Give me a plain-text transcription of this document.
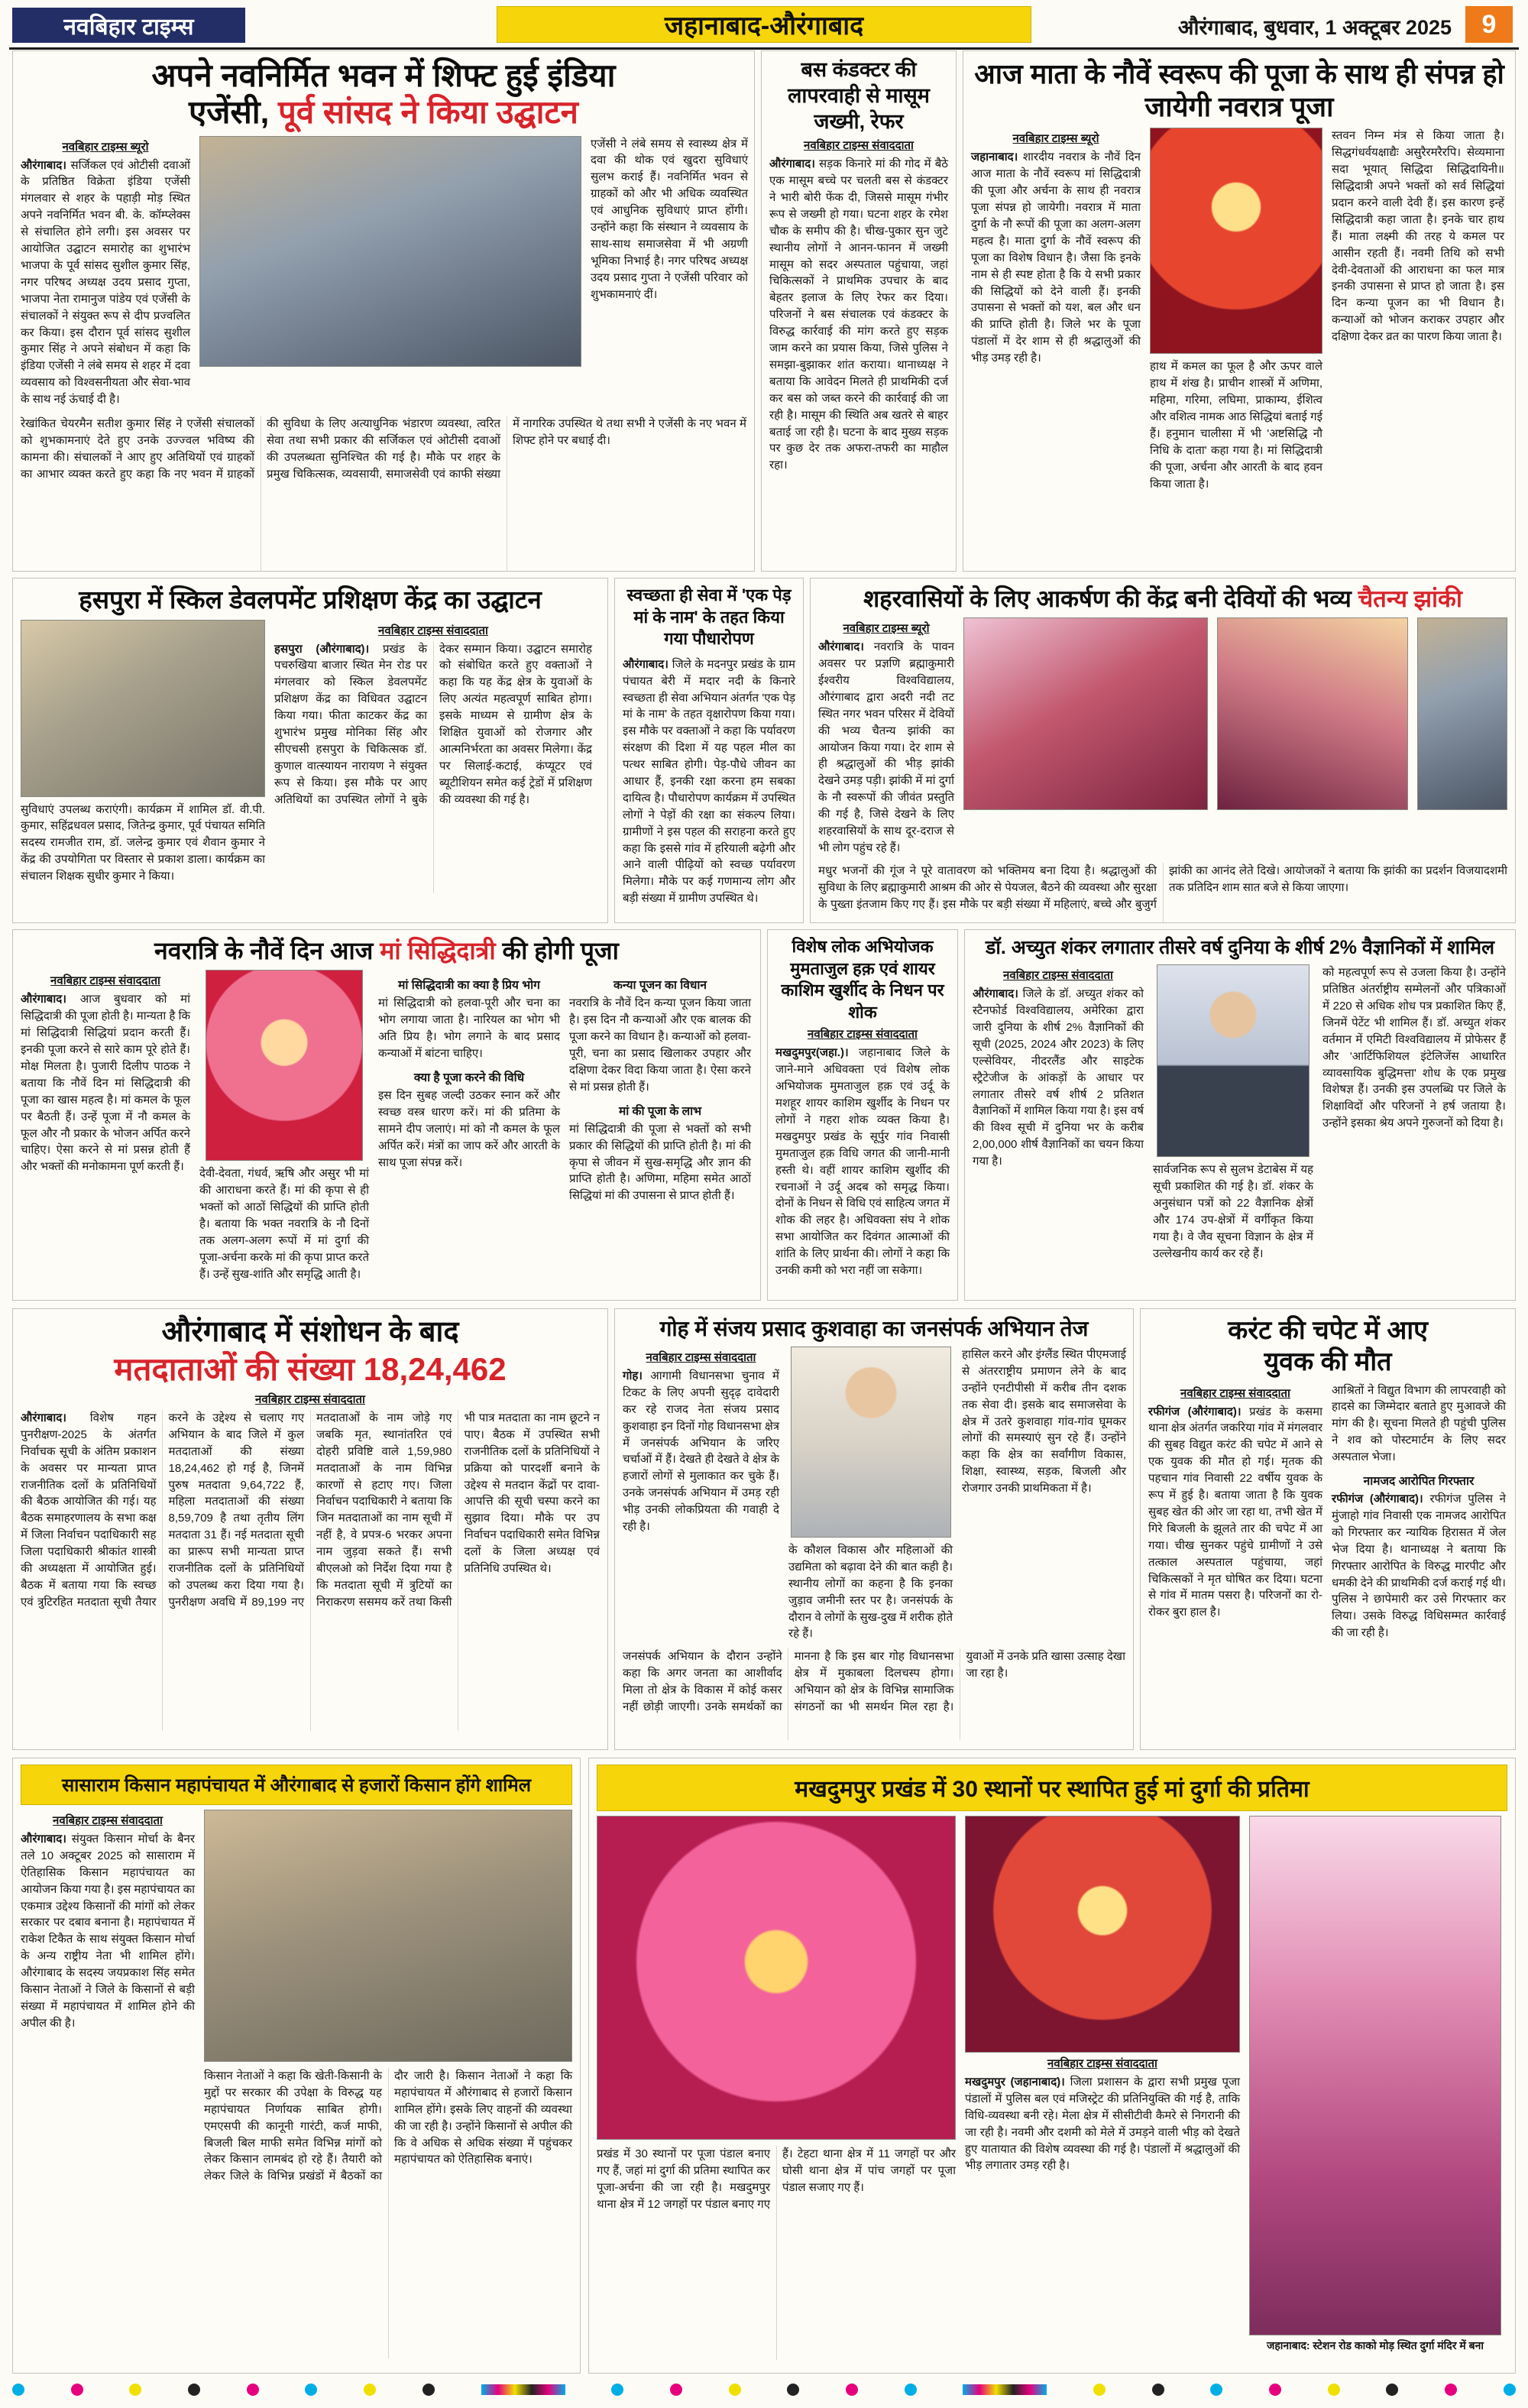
नवबिहार टाइम्स	जहानाबाद-औरंगाबाद	औरंगाबाद, बुधवार, 1 अक्टूबर 2025	9
अपने नवनिर्मित भवन में शिफ्ट हुई इंडिया
एजेंसी, पूर्व सांसद ने किया उद्घाटन
नवबिहार टाइम्स ब्यूरो

औरंगाबाद। सर्जिकल एवं ओटीसी दवाओं के प्रतिष्ठित विक्रेता इंडिया एजेंसी मंगलवार से शहर के पहाड़ी मोड़ स्थित अपने नवनिर्मित भवन बी. के. कॉम्प्लेक्स से संचालित होने लगी। इस अवसर पर आयोजित उद्घाटन समारोह का शुभारंभ भाजपा के पूर्व सांसद सुशील कुमार सिंह, नगर परिषद अध्यक्ष उदय प्रसाद गुप्ता, भाजपा नेता रामानुज पांडेय एवं एजेंसी के संचालकों ने संयुक्त रूप से दीप प्रज्वलित कर किया। इस दौरान पूर्व सांसद सुशील कुमार सिंह ने अपने संबोधन में कहा कि इंडिया एजेंसी ने लंबे समय से शहर में दवा व्यवसाय को विश्वसनीयता और सेवा-भाव के साथ नई ऊंचाई दी है।

एजेंसी ने लंबे समय से स्वास्थ्य क्षेत्र में दवा की थोक एवं खुदरा सुविधाएं सुलभ कराई हैं। नवनिर्मित भवन से ग्राहकों को और भी अधिक व्यवस्थित एवं आधुनिक सुविधाएं प्राप्त होंगी। उन्होंने कहा कि संस्थान ने व्यवसाय के साथ-साथ समाजसेवा में भी अग्रणी भूमिका निभाई है। नगर परिषद अध्यक्ष उदय प्रसाद गुप्ता ने एजेंसी परिवार को शुभकामनाएं दीं।

रेखांकित चेयरमैन सतीश कुमार सिंह ने एजेंसी संचालकों को शुभकामनाएं देते हुए उनके उज्ज्वल भविष्य की कामना की। संचालकों ने आए हुए अतिथियों एवं ग्राहकों का आभार व्यक्त करते हुए कहा कि नए भवन में ग्राहकों की सुविधा के लिए अत्याधुनिक भंडारण व्यवस्था, त्वरित सेवा तथा सभी प्रकार की सर्जिकल एवं ओटीसी दवाओं की उपलब्धता सुनिश्चित की गई है। मौके पर शहर के प्रमुख चिकित्सक, व्यवसायी, समाजसेवी एवं काफी संख्या में नागरिक उपस्थित थे तथा सभी ने एजेंसी के नए भवन में शिफ्ट होने पर बधाई दी।
बस कंडक्टर की लापरवाही से मासूम जख्मी, रेफर
नवबिहार टाइम्स संवाददाता

औरंगाबाद। सड़क किनारे मां की गोद में बैठे एक मासूम बच्चे पर चलती बस से कंडक्टर ने भारी बोरी फेंक दी, जिससे मासूम गंभीर रूप से जख्मी हो गया। घटना शहर के रमेश चौक के समीप की है। चीख-पुकार सुन जुटे स्थानीय लोगों ने आनन-फानन में जख्मी मासूम को सदर अस्पताल पहुंचाया, जहां चिकित्सकों ने प्राथमिक उपचार के बाद बेहतर इलाज के लिए रेफर कर दिया। परिजनों ने बस संचालक एवं कंडक्टर के विरुद्ध कार्रवाई की मांग करते हुए सड़क जाम करने का प्रयास किया, जिसे पुलिस ने समझा-बुझाकर शांत कराया। थानाध्यक्ष ने बताया कि आवेदन मिलते ही प्राथमिकी दर्ज कर बस को जब्त करने की कार्रवाई की जा रही है। मासूम की स्थिति अब खतरे से बाहर बताई जा रही है। घटना के बाद मुख्य सड़क पर कुछ देर तक अफरा-तफरी का माहौल रहा।

आज माता के नौवें स्वरूप की पूजा के साथ ही संपन्न हो जायेगी नवरात्र पूजा
नवबिहार टाइम्स ब्यूरो

जहानाबाद। शारदीय नवरात्र के नौवें दिन आज माता के नौवें स्वरूप मां सिद्धिदात्री की पूजा और अर्चना के साथ ही नवरात्र पूजा संपन्न हो जायेगी। नवरात्र में माता दुर्गा के नौ रूपों की पूजा का अलग-अलग महत्व है। माता दुर्गा के नौवें स्वरूप की पूजा का विशेष विधान है। जैसा कि इनके नाम से ही स्पष्ट होता है कि ये सभी प्रकार की सिद्धियों को देने वाली हैं। इनकी उपासना से भक्तों को यश, बल और धन की प्राप्ति होती है। जिले भर के पूजा पंडालों में देर शाम से ही श्रद्धालुओं की भीड़ उमड़ रही है।

हाथ में कमल का फूल है और ऊपर वाले हाथ में शंख है। प्राचीन शास्त्रों में अणिमा, महिमा, गरिमा, लघिमा, प्राकाम्य, ईशित्व और वशित्व नामक आठ सिद्धियां बताई गई हैं। हनुमान चालीसा में भी 'अष्टसिद्धि नौ निधि के दाता' कहा गया है। मां सिद्धिदात्री की पूजा, अर्चना और आरती के बाद हवन किया जाता है।

स्तवन निम्न मंत्र से किया जाता है। सिद्धगंधर्वयक्षाद्यैः असुरैरमरैरपि। सेव्यमाना सदा भूयात् सिद्धिदा सिद्धिदायिनी॥ सिद्धिदात्री अपने भक्तों को सर्व सिद्धियां प्रदान करने वाली देवी हैं। इस कारण इन्हें सिद्धिदात्री कहा जाता है। इनके चार हाथ हैं। माता लक्ष्मी की तरह ये कमल पर आसीन रहती हैं। नवमी तिथि को सभी देवी-देवताओं की आराधना का फल मात्र इनकी उपासना से प्राप्त हो जाता है। इस दिन कन्या पूजन का भी विधान है। कन्याओं को भोजन कराकर उपहार और दक्षिणा देकर व्रत का पारण किया जाता है।

हसपुरा में स्किल डेवलपमेंट प्रशिक्षण केंद्र का उद्घाटन

सुविधाएं उपलब्ध कराएंगी। कार्यक्रम में शामिल डॉ. वी.पी. कुमार, सहिंद्रधवल प्रसाद, जितेन्द्र कुमार, पूर्व पंचायत समिति सदस्य रामजीत राम, डॉ. जलेन्द्र कुमार एवं शैवान कुमार ने केंद्र की उपयोगिता पर विस्तार से प्रकाश डाला। कार्यक्रम का संचालन शिक्षक सुधीर कुमार ने किया।

नवबिहार टाइम्स संवाददाता

हसपुरा (औरंगाबाद)। प्रखंड के पचरुखिया बाजार स्थित मेन रोड पर मंगलवार को स्किल डेवलपमेंट प्रशिक्षण केंद्र का विधिवत उद्घाटन किया गया। फीता काटकर केंद्र का शुभारंभ प्रमुख मोनिका सिंह और सीएचसी हसपुरा के चिकित्सक डॉ. कुणाल वात्स्यायन नारायण ने संयुक्त रूप से किया। इस मौके पर आए अतिथियों का उपस्थित लोगों ने बुके देकर सम्मान किया। उद्घाटन समारोह को संबोधित करते हुए वक्ताओं ने कहा कि यह केंद्र क्षेत्र के युवाओं के लिए अत्यंत महत्वपूर्ण साबित होगा। इसके माध्यम से ग्रामीण क्षेत्र के शिक्षित युवाओं को रोजगार और आत्मनिर्भरता का अवसर मिलेगा। केंद्र पर सिलाई-कटाई, कंप्यूटर एवं ब्यूटीशियन समेत कई ट्रेडों में प्रशिक्षण की व्यवस्था की गई है।

स्वच्छता ही सेवा में 'एक पेड़ मां के नाम' के तहत किया गया पौधारोपण

औरंगाबाद। जिले के मदनपुर प्रखंड के ग्राम पंचायत बेरी में मदार नदी के किनारे स्वच्छता ही सेवा अभियान अंतर्गत 'एक पेड़ मां के नाम' के तहत वृक्षारोपण किया गया। इस मौके पर वक्ताओं ने कहा कि पर्यावरण संरक्षण की दिशा में यह पहल मील का पत्थर साबित होगी। पेड़-पौधे जीवन का आधार हैं, इनकी रक्षा करना हम सबका दायित्व है। पौधारोपण कार्यक्रम में उपस्थित लोगों ने पेड़ों की रक्षा का संकल्प लिया। ग्रामीणों ने इस पहल की सराहना करते हुए कहा कि इससे गांव में हरियाली बढ़ेगी और आने वाली पीढ़ियों को स्वच्छ पर्यावरण मिलेगा। मौके पर कई गणमान्य लोग और बड़ी संख्या में ग्रामीण उपस्थित थे।

शहरवासियों के लिए आकर्षण की केंद्र बनी देवियों की भव्य चैतन्य झांकी
नवबिहार टाइम्स ब्यूरो

औरंगाबाद। नवरात्रि के पावन अवसर पर प्रज्ञणि ब्रह्माकुमारी ईश्वरीय विश्वविद्यालय, औरंगाबाद द्वारा अदरी नदी तट स्थित नगर भवन परिसर में देवियों की भव्य चैतन्य झांकी का आयोजन किया गया। देर शाम से ही श्रद्धालुओं की भीड़ झांकी देखने उमड़ पड़ी। झांकी में मां दुर्गा के नौ स्वरूपों की जीवंत प्रस्तुति की गई है, जिसे देखने के लिए शहरवासियों के साथ दूर-दराज से भी लोग पहुंच रहे हैं।

मधुर भजनों की गूंज ने पूरे वातावरण को भक्तिमय बना दिया है। श्रद्धालुओं की सुविधा के लिए ब्रह्माकुमारी आश्रम की ओर से पेयजल, बैठने की व्यवस्था और सुरक्षा के पुख्ता इंतजाम किए गए हैं। इस मौके पर बड़ी संख्या में महिलाएं, बच्चे और बुजुर्ग झांकी का आनंद लेते दिखे। आयोजकों ने बताया कि झांकी का प्रदर्शन विजयादशमी तक प्रतिदिन शाम सात बजे से किया जाएगा।
नवरात्रि के नौवें दिन आज मां सिद्धिदात्री की होगी पूजा
नवबिहार टाइम्स संवाददाता

औरंगाबाद। आज बुधवार को मां सिद्धिदात्री की पूजा होती है। मान्यता है कि मां सिद्धिदात्री सिद्धियां प्रदान करती हैं। इनकी पूजा करने से सारे काम पूरे होते हैं। मोक्ष मिलता है। पुजारी दिलीप पाठक ने बताया कि नौवें दिन मां सिद्धिदात्री की पूजा का खास महत्व है। मां कमल के फूल पर बैठती हैं। उन्हें पूजा में नौ कमल के फूल और नौ प्रकार के भोजन अर्पित करने चाहिए। ऐसा करने से मां प्रसन्न होती हैं और भक्तों की मनोकामना पूर्ण करती हैं।

देवी-देवता, गंधर्व, ऋषि और असुर भी मां की आराधना करते हैं। मां की कृपा से ही भक्तों को आठों सिद्धियों की प्राप्ति होती है। बताया कि भक्त नवरात्रि के नौ दिनों तक अलग-अलग रूपों में मां दुर्गा की पूजा-अर्चना करके मां की कृपा प्राप्त करते हैं। उन्हें सुख-शांति और समृद्धि आती है।

मां सिद्धिदात्री का क्या है प्रिय भोग

मां सिद्धिदात्री को हलवा-पूरी और चना का भोग लगाया जाता है। नारियल का भोग भी अति प्रिय है। भोग लगाने के बाद प्रसाद कन्याओं में बांटना चाहिए।

क्या है पूजा करने की विधि

इस दिन सुबह जल्दी उठकर स्नान करें और स्वच्छ वस्त्र धारण करें। मां की प्रतिमा के सामने दीप जलाएं। मां को नौ कमल के फूल अर्पित करें। मंत्रों का जाप करें और आरती के साथ पूजा संपन्न करें।

कन्या पूजन का विधान

नवरात्रि के नौवें दिन कन्या पूजन किया जाता है। इस दिन नौ कन्याओं और एक बालक की पूजा करने का विधान है। कन्याओं को हलवा-पूरी, चना का प्रसाद खिलाकर उपहार और दक्षिणा देकर विदा किया जाता है। ऐसा करने से मां प्रसन्न होती हैं।

मां की पूजा के लाभ

मां सिद्धिदात्री की पूजा से भक्तों को सभी प्रकार की सिद्धियों की प्राप्ति होती है। मां की कृपा से जीवन में सुख-समृद्धि और ज्ञान की प्राप्ति होती है। अणिमा, महिमा समेत आठों सिद्धियां मां की उपासना से प्राप्त होती हैं।

विशेष लोक अभियोजक मुमताजुल हक़ एवं शायर काशिम खुर्शीद के निधन पर शोक
नवबिहार टाइम्स संवाददाता

मखदुमपुर(जहा.)। जहानाबाद जिले के जाने-माने अधिवक्ता एवं विशेष लोक अभियोजक मुमताजुल हक़ एवं उर्दू के मशहूर शायर काशिम खुर्शीद के निधन पर लोगों ने गहरा शोक व्यक्त किया है। मखदुमपुर प्रखंड के सूर्पुर गांव निवासी मुमताजुल हक़ विधि जगत की जानी-मानी हस्ती थे। वहीं शायर काशिम खुर्शीद की रचनाओं ने उर्दू अदब को समृद्ध किया। दोनों के निधन से विधि एवं साहित्य जगत में शोक की लहर है। अधिवक्ता संघ ने शोक सभा आयोजित कर दिवंगत आत्माओं की शांति के लिए प्रार्थना की। लोगों ने कहा कि उनकी कमी को भरा नहीं जा सकेगा।

डॉ. अच्युत शंकर लगातार तीसरे वर्ष दुनिया के शीर्ष 2% वैज्ञानिकों में शामिल
नवबिहार टाइम्स संवाददाता

औरंगाबाद। जिले के डॉ. अच्युत शंकर को स्टैनफोर्ड विश्वविद्यालय, अमेरिका द्वारा जारी दुनिया के शीर्ष 2% वैज्ञानिकों की सूची (2025, 2024 और 2023) के लिए एल्सेवियर, नीदरलैंड और साइटेक स्ट्रैटेजीज के आंकड़ों के आधार पर लगातार तीसरे वर्ष शीर्ष 2 प्रतिशत वैज्ञानिकों में शामिल किया गया है। इस वर्ष की विश्व सूची में दुनिया भर के करीब 2,00,000 शीर्ष वैज्ञानिकों का चयन किया गया है।

सार्वजनिक रूप से सुलभ डेटाबेस में यह सूची प्रकाशित की गई है। डॉ. शंकर के अनुसंधान पत्रों को 22 वैज्ञानिक क्षेत्रों और 174 उप-क्षेत्रों में वर्गीकृत किया गया है। वे जैव सूचना विज्ञान के क्षेत्र में उल्लेखनीय कार्य कर रहे हैं।

को महत्वपूर्ण रूप से उजला किया है। उन्होंने प्रतिष्ठित अंतर्राष्ट्रीय सम्मेलनों और पत्रिकाओं में 220 से अधिक शोध पत्र प्रकाशित किए हैं, जिनमें पेटेंट भी शामिल हैं। डॉ. अच्युत शंकर वर्तमान में एमिटी विश्वविद्यालय में प्रोफेसर हैं और 'आर्टिफिशियल इंटेलिजेंस आधारित व्यावसायिक बुद्धिमत्ता' शोध के एक प्रमुख विशेषज्ञ हैं। उनकी इस उपलब्धि पर जिले के शिक्षाविदों और परिजनों ने हर्ष जताया है। उन्होंने इसका श्रेय अपने गुरुजनों को दिया है।

औरंगाबाद में संशोधन के बाद
मतदाताओं की संख्या 18,24,462
नवबिहार टाइम्स संवाददाता

औरंगाबाद। विशेष गहन पुनरीक्षण-2025 के अंतर्गत निर्वाचक सूची के अंतिम प्रकाशन के अवसर पर मान्यता प्राप्त राजनीतिक दलों के प्रतिनिधियों की बैठक आयोजित की गई। यह बैठक समाहरणालय के सभा कक्ष में जिला निर्वाचन पदाधिकारी सह जिला पदाधिकारी श्रीकांत शास्त्री की अध्यक्षता में आयोजित हुई। बैठक में बताया गया कि स्वच्छ एवं त्रुटिरहित मतदाता सूची तैयार करने के उद्देश्य से चलाए गए अभियान के बाद जिले में कुल मतदाताओं की संख्या 18,24,462 हो गई है, जिनमें पुरुष मतदाता 9,64,722 हैं, महिला मतदाताओं की संख्या 8,59,709 है तथा तृतीय लिंग मतदाता 31 हैं। नई मतदाता सूची का प्रारूप सभी मान्यता प्राप्त राजनीतिक दलों के प्रतिनिधियों को उपलब्ध करा दिया गया है। पुनरीक्षण अवधि में 89,199 नए मतदाताओं के नाम जोड़े गए जबकि मृत, स्थानांतरित एवं दोहरी प्रविष्टि वाले 1,59,980 मतदाताओं के नाम विभिन्न कारणों से हटाए गए। जिला निर्वाचन पदाधिकारी ने बताया कि जिन मतदाताओं का नाम सूची में नहीं है, वे प्रपत्र-6 भरकर अपना नाम जुड़वा सकते हैं। सभी बीएलओ को निर्देश दिया गया है कि मतदाता सूची में त्रुटियों का निराकरण ससमय करें तथा किसी भी पात्र मतदाता का नाम छूटने न पाए। बैठक में उपस्थित सभी राजनीतिक दलों के प्रतिनिधियों ने प्रक्रिया को पारदर्शी बनाने के उद्देश्य से मतदान केंद्रों पर दावा-आपत्ति की सूची चस्पा करने का सुझाव दिया। मौके पर उप निर्वाचन पदाधिकारी समेत विभिन्न दलों के जिला अध्यक्ष एवं प्रतिनिधि उपस्थित थे।

गोह में संजय प्रसाद कुशवाहा का जनसंपर्क अभियान तेज
नवबिहार टाइम्स संवाददाता

गोह। आगामी विधानसभा चुनाव में टिकट के लिए अपनी सुदृढ़ दावेदारी कर रहे राजद नेता संजय प्रसाद कुशवाहा इन दिनों गोह विधानसभा क्षेत्र में जनसंपर्क अभियान के जरिए चर्चाओं में हैं। देखते ही देखते वे क्षेत्र के हजारों लोगों से मुलाकात कर चुके हैं। उनके जनसंपर्क अभियान में उमड़ रही भीड़ उनकी लोकप्रियता की गवाही दे रही है।

के कौशल विकास और महिलाओं की उद्यमिता को बढ़ावा देने की बात कही है। स्थानीय लोगों का कहना है कि इनका जुड़ाव जमीनी स्तर पर है। जनसंपर्क के दौरान वे लोगों के सुख-दुख में शरीक होते रहे हैं।

हासिल करने और इंग्लैंड स्थित पीएमजाई से अंतरराष्ट्रीय प्रमाणन लेने के बाद उन्होंने एनटीपीसी में करीब तीन दशक तक सेवा दी। इसके बाद समाजसेवा के क्षेत्र में उतरे कुशवाहा गांव-गांव घूमकर लोगों की समस्याएं सुन रहे हैं। उन्होंने कहा कि क्षेत्र का सर्वांगीण विकास, शिक्षा, स्वास्थ्य, सड़क, बिजली और रोजगार उनकी प्राथमिकता में है।

जनसंपर्क अभियान के दौरान उन्होंने कहा कि अगर जनता का आशीर्वाद मिला तो क्षेत्र के विकास में कोई कसर नहीं छोड़ी जाएगी। उनके समर्थकों का मानना है कि इस बार गोह विधानसभा क्षेत्र में मुकाबला दिलचस्प होगा। अभियान को क्षेत्र के विभिन्न सामाजिक संगठनों का भी समर्थन मिल रहा है। युवाओं में उनके प्रति खासा उत्साह देखा जा रहा है।
करंट की चपेट में आए
युवक की मौत
नवबिहार टाइम्स संवाददाता

रफीगंज (औरंगाबाद)। प्रखंड के कसमा थाना क्षेत्र अंतर्गत जकरिया गांव में मंगलवार की सुबह विद्युत करंट की चपेट में आने से एक युवक की मौत हो गई। मृतक की पहचान गांव निवासी 22 वर्षीय युवक के रूप में हुई है। बताया जाता है कि युवक सुबह खेत की ओर जा रहा था, तभी खेत में गिरे बिजली के झूलते तार की चपेट में आ गया। चीख सुनकर पहुंचे ग्रामीणों ने उसे तत्काल अस्पताल पहुंचाया, जहां चिकित्सकों ने मृत घोषित कर दिया। घटना से गांव में मातम पसरा है। परिजनों का रो-रोकर बुरा हाल है।

आश्रितों ने विद्युत विभाग की लापरवाही को हादसे का जिम्मेदार बताते हुए मुआवजे की मांग की है। सूचना मिलते ही पहुंची पुलिस ने शव को पोस्टमार्टम के लिए सदर अस्पताल भेजा।

नामजद आरोपित गिरफ्तार

रफीगंज (औरंगाबाद)। रफीगंज पुलिस ने मुंजाहो गांव निवासी एक नामजद आरोपित को गिरफ्तार कर न्यायिक हिरासत में जेल भेज दिया है। थानाध्यक्ष ने बताया कि गिरफ्तार आरोपित के विरुद्ध मारपीट और धमकी देने की प्राथमिकी दर्ज कराई गई थी। पुलिस ने छापेमारी कर उसे गिरफ्तार कर लिया। उसके विरुद्ध विधिसम्मत कार्रवाई की जा रही है।

सासाराम किसान महापंचायत में औरंगाबाद से हजारों किसान होंगे शामिल
नवबिहार टाइम्स संवाददाता

औरंगाबाद। संयुक्त किसान मोर्चा के बैनर तले 10 अक्टूबर 2025 को सासाराम में ऐतिहासिक किसान महापंचायत का आयोजन किया गया है। इस महापंचायत का एकमात्र उद्देश्य किसानों की मांगों को लेकर सरकार पर दबाव बनाना है। महापंचायत में राकेश टिकैत के साथ संयुक्त किसान मोर्चा के अन्य राष्ट्रीय नेता भी शामिल होंगे। औरंगाबाद के सदस्य जयप्रकाश सिंह समेत किसान नेताओं ने जिले के किसानों से बड़ी संख्या में महापंचायत में शामिल होने की अपील की है।

किसान नेताओं ने कहा कि खेती-किसानी के मुद्दों पर सरकार की उपेक्षा के विरुद्ध यह महापंचायत निर्णायक साबित होगी। एमएसपी की कानूनी गारंटी, कर्ज माफी, बिजली बिल माफी समेत विभिन्न मांगों को लेकर किसान लामबंद हो रहे हैं। तैयारी को लेकर जिले के विभिन्न प्रखंडों में बैठकों का दौर जारी है। किसान नेताओं ने कहा कि महापंचायत में औरंगाबाद से हजारों किसान शामिल होंगे। इसके लिए वाहनों की व्यवस्था की जा रही है। उन्होंने किसानों से अपील की कि वे अधिक से अधिक संख्या में पहुंचकर महापंचायत को ऐतिहासिक बनाएं।
मखदुमपुर प्रखंड में 30 स्थानों पर स्थापित हुई मां दुर्गा की प्रतिमा
प्रखंड में 30 स्थानों पर पूजा पंडाल बनाए गए हैं, जहां मां दुर्गा की प्रतिमा स्थापित कर पूजा-अर्चना की जा रही है। मखदुमपुर थाना क्षेत्र में 12 जगहों पर पंडाल बनाए गए हैं। टेहटा थाना क्षेत्र में 11 जगहों पर और घोसी थाना क्षेत्र में पांच जगहों पर पूजा पंडाल सजाए गए हैं।
नवबिहार टाइम्स संवाददाता

मखदुमपुर (जहानाबाद)। जिला प्रशासन के द्वारा सभी प्रमुख पूजा पंडालों में पुलिस बल एवं मजिस्ट्रेट की प्रतिनियुक्ति की गई है, ताकि विधि-व्यवस्था बनी रहे। मेला क्षेत्र में सीसीटीवी कैमरे से निगरानी की जा रही है। नवमी और दशमी को मेले में उमड़ने वाली भीड़ को देखते हुए यातायात की विशेष व्यवस्था की गई है। पंडालों में श्रद्धालुओं की भीड़ लगातार उमड़ रही है।

जहानाबाद: स्टेशन रोड काको मोड़ स्थित दुर्गा मंदिर में बना
